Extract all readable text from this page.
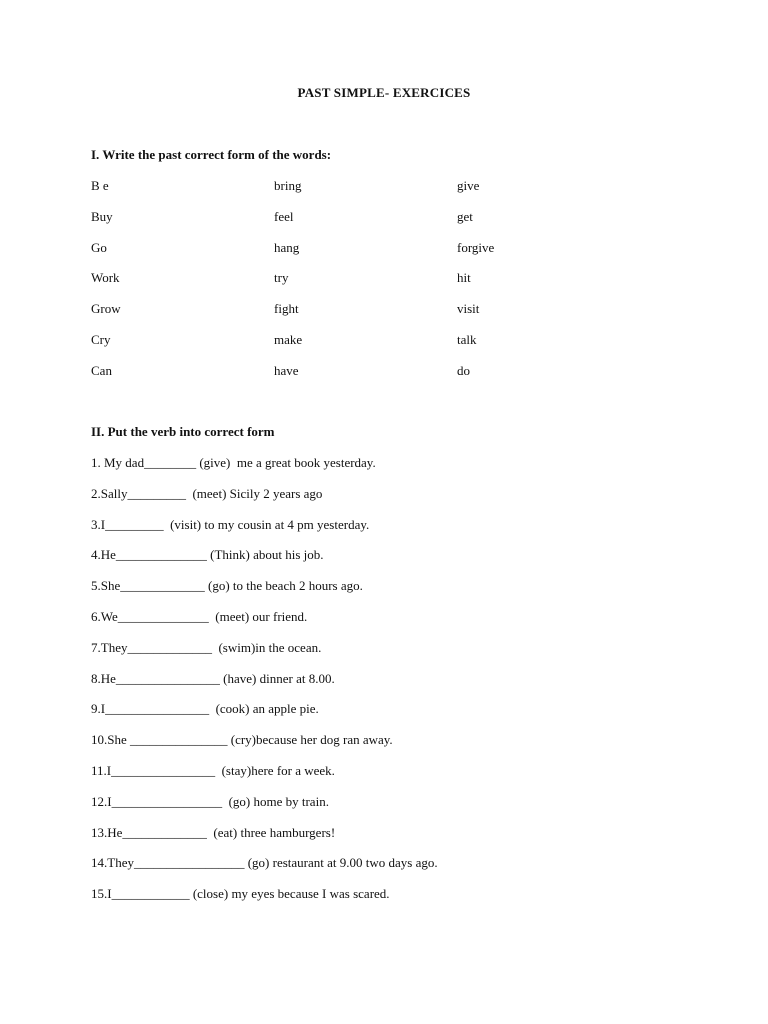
PAST SIMPLE- EXERCICES
I. Write the past correct form of the words:
B e	bring	give
Buy	feel	get
Go	hang	forgive
Work	try	hit
Grow	fight	visit
Cry	make	talk
Can	have	do
II. Put the verb into correct form
1. My dad________ (give)  me a great book yesterday.
2.Sally_________  (meet) Sicily 2 years ago
3.I_________  (visit) to my cousin at 4 pm yesterday.
4.He______________ (Think) about his job.
5.She_____________ (go) to the beach 2 hours ago.
6.We______________  (meet) our friend.
7.They_____________  (swim)in the ocean.
8.He________________ (have) dinner at 8.00.
9.I________________  (cook) an apple pie.
10.She _______________ (cry)because her dog ran away.
11.I________________  (stay)here for a week.
12.I_________________  (go) home by train.
13.He_____________  (eat) three hamburgers!
14.They_________________ (go) restaurant at 9.00 two days ago.
15.I____________ (close) my eyes because I was scared.
